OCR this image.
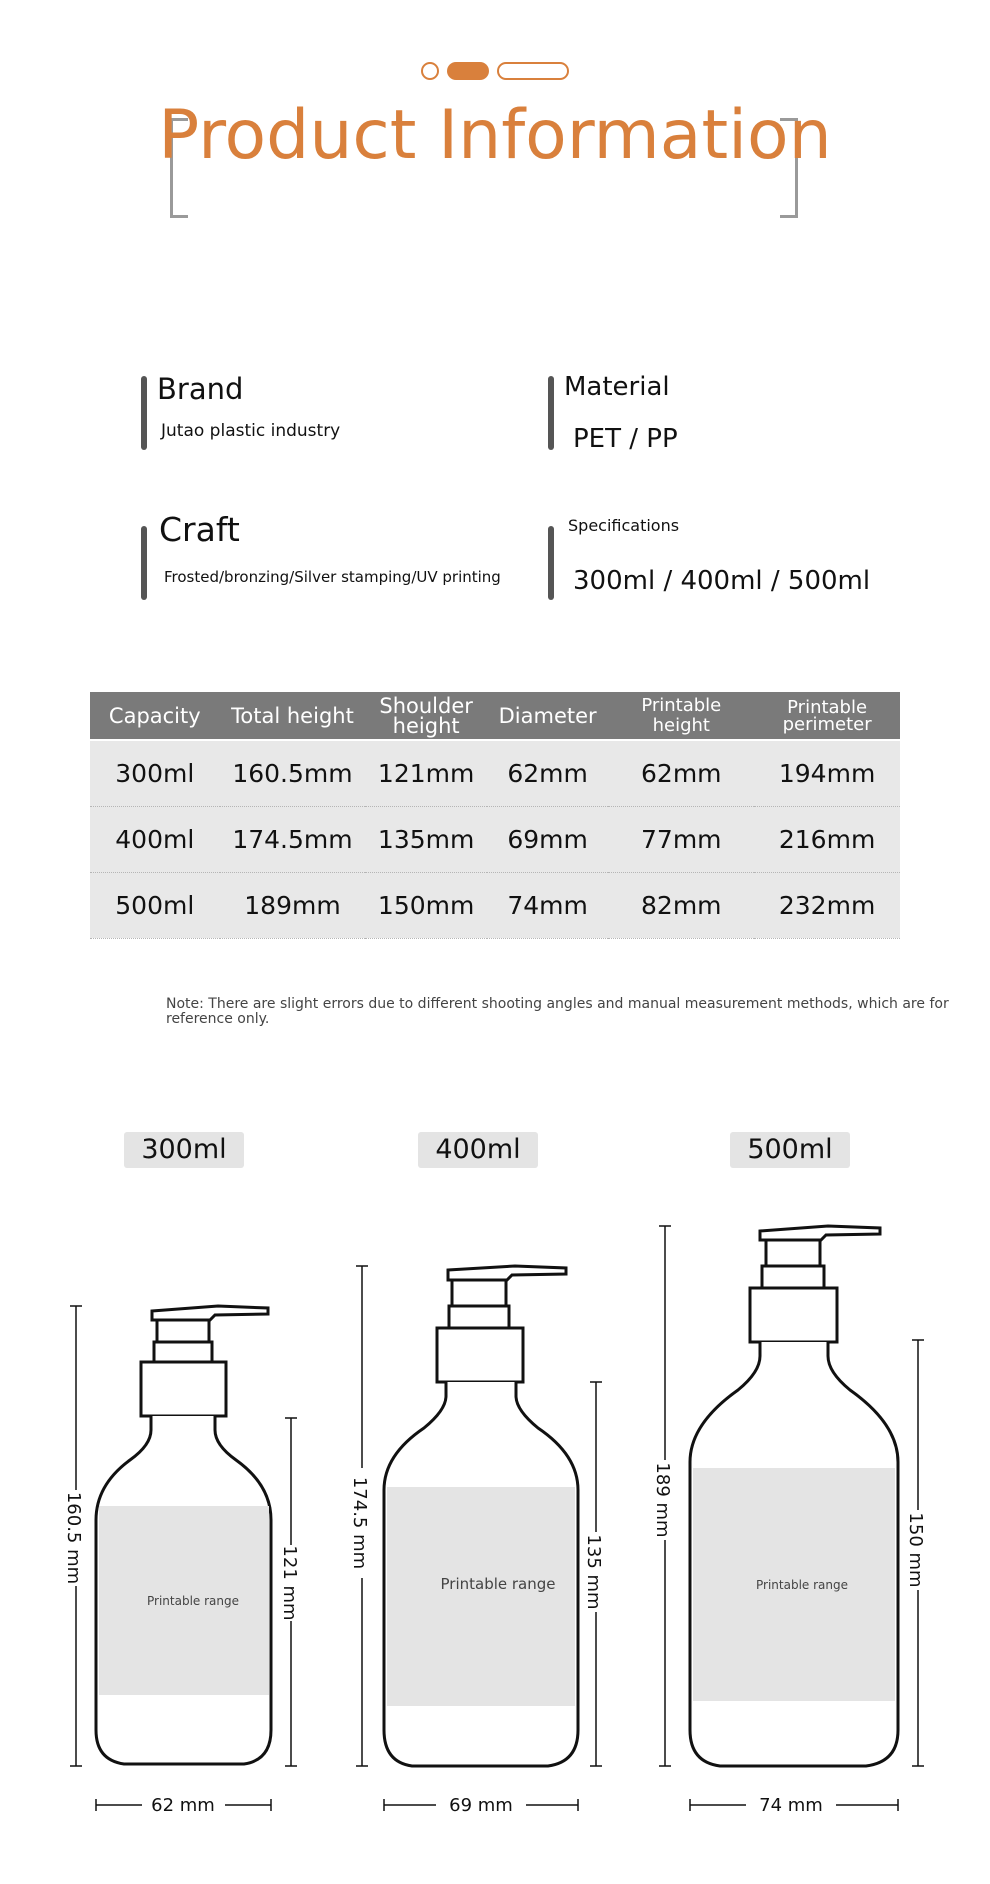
Product Information
Brand
Jutao plastic industry
Material
PET / PP
Craft
Frosted/bronzing/Silver stamping/UV printing
Specifications
300ml / 400ml / 500ml
Capacity	Total height	Shoulder height	Diameter	Printable height	Printable perimeter
300ml	160.5mm	121mm	62mm	62mm	194mm
400ml	174.5mm	135mm	69mm	77mm	216mm
500ml	189mm	150mm	74mm	82mm	232mm
Note: There are slight errors due to different shooting angles and manual measurement methods, which are for reference only.
300ml	400ml	500ml
Printable range
160.5 mm	121 mm
62 mm
Printable range
174.5 mm
135 mm
69 mm
Printable range
189 mm
150 mm
74 mm
